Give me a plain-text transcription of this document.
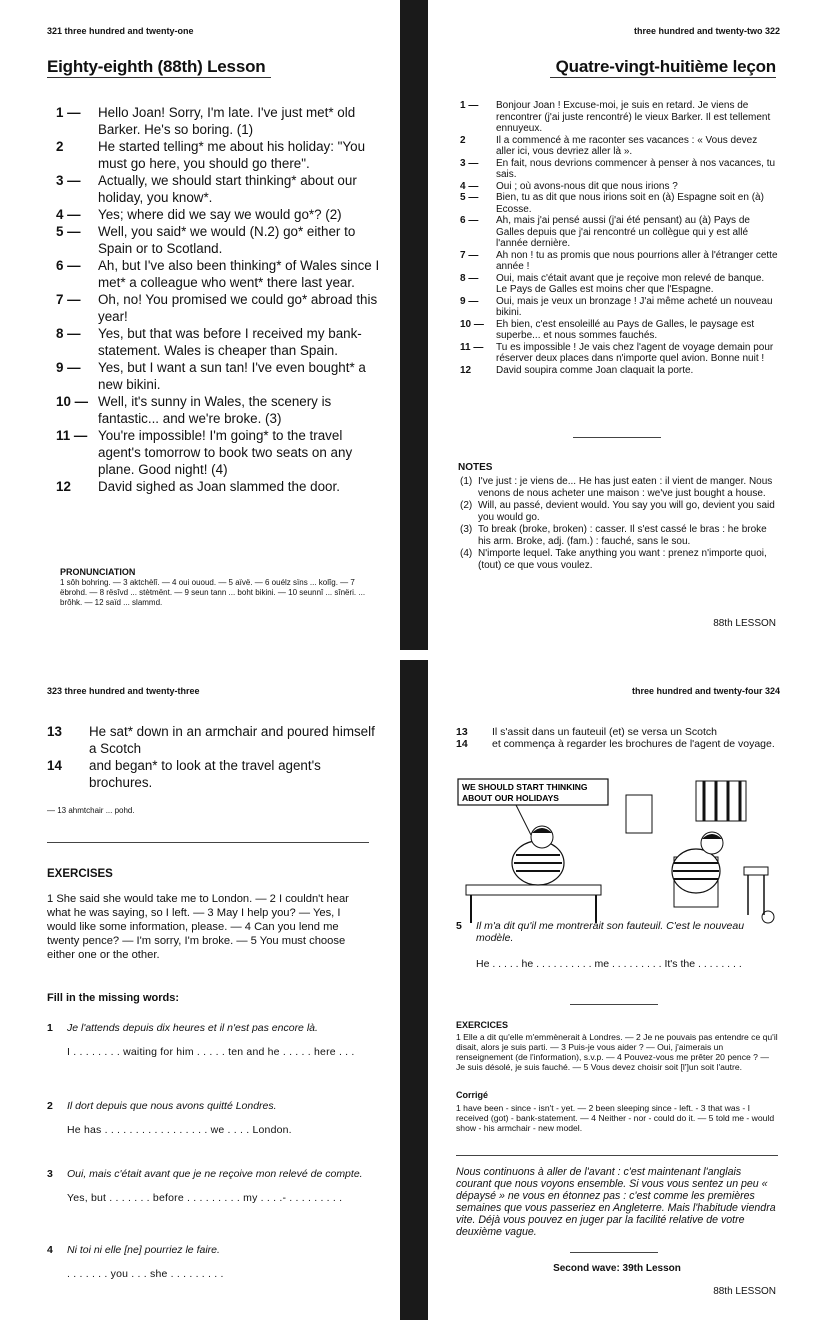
321 three hundred and twenty-one
Eighty-eighth (88th) Lesson
1 —	Hello Joan! Sorry, I'm late. I've just met* old Barker. He's so boring. (1)
2	He started telling* me about his holiday: "You must go here, you should go there".
3 —	Actually, we should start thinking* about our holiday, you know*.
4 —	Yes; where did we say we would go*? (2)
5 —	Well, you said* we would (N.2) go* either to Spain or to Scotland.
6 —	Ah, but I've also been thinking* of Wales since I met* a colleague who went* there last year.
7 —	Oh, no! You promised we could go* abroad this year!
8 —	Yes, but that was before I received my bank-statement. Wales is cheaper than Spain.
9 —	Yes, but I want a sun tan! I've even bought* a new bikini.
10 — Well, it's sunny in Wales, the scenery is fantastic... and we're broke. (3)
11 — You're impossible! I'm going* to the travel agent's tomorrow to book two seats on any plane. Good night! (4)
12	David sighed as Joan slammed the door.
PRONUNCIATION
1 sôh bohring. — 3 aktchèlî. — 4 oui ououd. — 5 aïvë. — 6 ouélz sïns ... kolîg. — 7 ëbrohd. — 8 rësîvd ... stètmënt. — 9 seun tann ... boht bikini. — 10 seunnî ... sînëri. ... brôhk. — 12 saïd ... slammd.
three hundred and twenty-two 322
Quatre-vingt-huitième leçon
1 —	Bonjour Joan ! Excuse-moi, je suis en retard. Je viens de rencontrer (j'ai juste rencontré) le vieux Barker. Il est tellement ennuyeux.
2	Il a commencé à me raconter ses vacances : « Vous devez aller ici, vous devriez aller là ».
3 —	En fait, nous devrions commencer à penser à nos vacances, tu sais.
4 —	Oui ; où avons-nous dit que nous irions ?
5 —	Bien, tu as dit que nous irions soit en (à) Espagne soit en (à) Ecosse.
6 —	Ah, mais j'ai pensé aussi (j'ai été pensant) au (à) Pays de Galles depuis que j'ai rencontré un collègue qui y est allé l'année dernière.
7 —	Ah non ! tu as promis que nous pourrions aller à l'étranger cette année !
8 —	Oui, mais c'était avant que je reçoive mon relevé de banque. Le Pays de Galles est moins cher que l'Espagne.
9 —	Oui, mais je veux un bronzage ! J'ai même acheté un nouveau bikini.
10 —	Eh bien, c'est ensoleillé au Pays de Galles, le paysage est superbe... et nous sommes fauchés.
11 —	Tu es impossible ! Je vais chez l'agent de voyage demain pour réserver deux places dans n'importe quel avion. Bonne nuit !
12	David soupira comme Joan claquait la porte.
NOTES
(1) I've just : je viens de... He has just eaten : il vient de manger. Nous venons de nous acheter une maison : we've just bought a house.
(2) Will, au passé, devient would. You say you will go, devient you said you would go.
(3) To break (broke, broken) : casser. Il s'est cassé le bras : he broke his arm. Broke, adj. (fam.) : fauché, sans le sou.
(4) N'importe lequel. Take anything you want : prenez n'importe quoi, (tout) ce que vous voulez.
88th LESSON
323 three hundred and twenty-three
13	He sat* down in an armchair and poured himself a Scotch
14	and began* to look at the travel agent's brochures.
— 13 ahmtchair ... pohd.
EXERCISES
1 She said she would take me to London. — 2 I couldn't hear what he was saying, so I left. — 3 May I help you? — Yes, I would like some information, please. — 4 Can you lend me twenty pence? — I'm sorry, I'm broke. — 5 You must choose either one or the other.
Fill in the missing words:
1	Je l'attends depuis dix heures et il n'est pas encore là.
I . . . . . . . . waiting for him . . . . . ten and he . . . . . here . . .
2	Il dort depuis que nous avons quitté Londres.
He has . . . . . . . . . . . . . . . . . we . . . . London.
3	Oui, mais c'était avant que je ne reçoive mon relevé de compte.
Yes, but . . . . . . . before . . . . . . . . . my . . . .- . . . . . . . . .
4	Ni toi ni elle [ne] pourriez le faire.
. . . . . . . you . . . she . . . . . . . . .
three hundred and twenty-four 324
13	Il s'assit dans un fauteuil (et) se versa un Scotch
14	et commença à regarder les brochures de l'agent de voyage.
WE SHOULD START THINKING
ABOUT OUR HOLIDAYS
5	Il m'a dit qu'il me montrerait son fauteuil. C'est le nouveau modèle.
He . . . . . he . . . . . . . . . . me . . . . . . . . . It's the . . . . . . . .
EXERCICES
1 Elle a dit qu'elle m'emmènerait à Londres. — 2 Je ne pouvais pas entendre ce qu'il disait, alors je suis parti. — 3 Puis-je vous aider ? — Oui, j'aimerais un renseignement (de l'information), s.v.p. — 4 Pouvez-vous me prêter 20 pence ? — Je suis désolé, je suis fauché. — 5 Vous devez choisir soit [l']un soit l'autre.
Corrigé
1 have been - since - isn't - yet. — 2 been sleeping since - left. - 3 that was - I received (got) - bank-statement. — 4 Neither - nor - could do it. — 5 told me - would show - his armchair - new model.
Nous continuons à aller de l'avant : c'est maintenant l'anglais courant que nous voyons ensemble. Si vous vous sentez un peu « dépaysé » ne vous en étonnez pas : c'est comme les premières semaines que vous passeriez en Angleterre. Mais l'habitude viendra vite. Déjà vous pouvez en juger par la facilité relative de votre deuxième vague.
Second wave: 39th Lesson
88th LESSON
